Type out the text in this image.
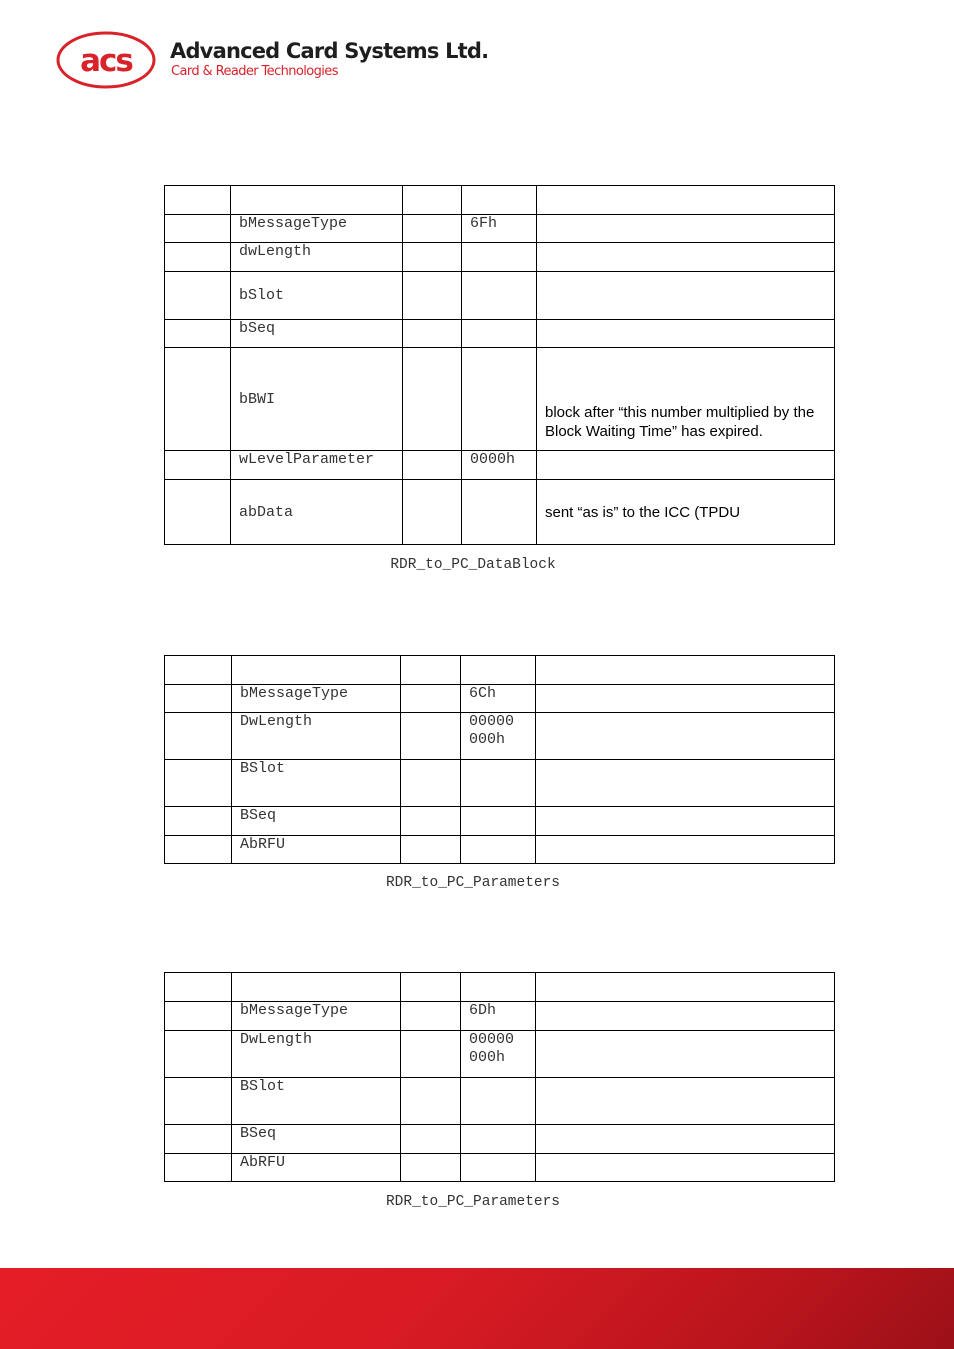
acs Advanced Card Systems Ltd.
Card & Reader Technologies

	bMessageType		6Fh	
	dwLength			
	bSlot			
	bSeq			
	bBWI			block after “this number multiplied by the Block Waiting Time” has expired.
	wLevelParameter		0000h	
	abData			sent “as is” to the ICC (TPDU
RDR_to_PC_DataBlock

	bMessageType		6Ch	
	DwLength		00000 000h	
	BSlot			
	BSeq			
	AbRFU			
RDR_to_PC_Parameters

	bMessageType		6Dh	
	DwLength		00000 000h	
	BSlot			
	BSeq			
	AbRFU			
RDR_to_PC_Parameters
